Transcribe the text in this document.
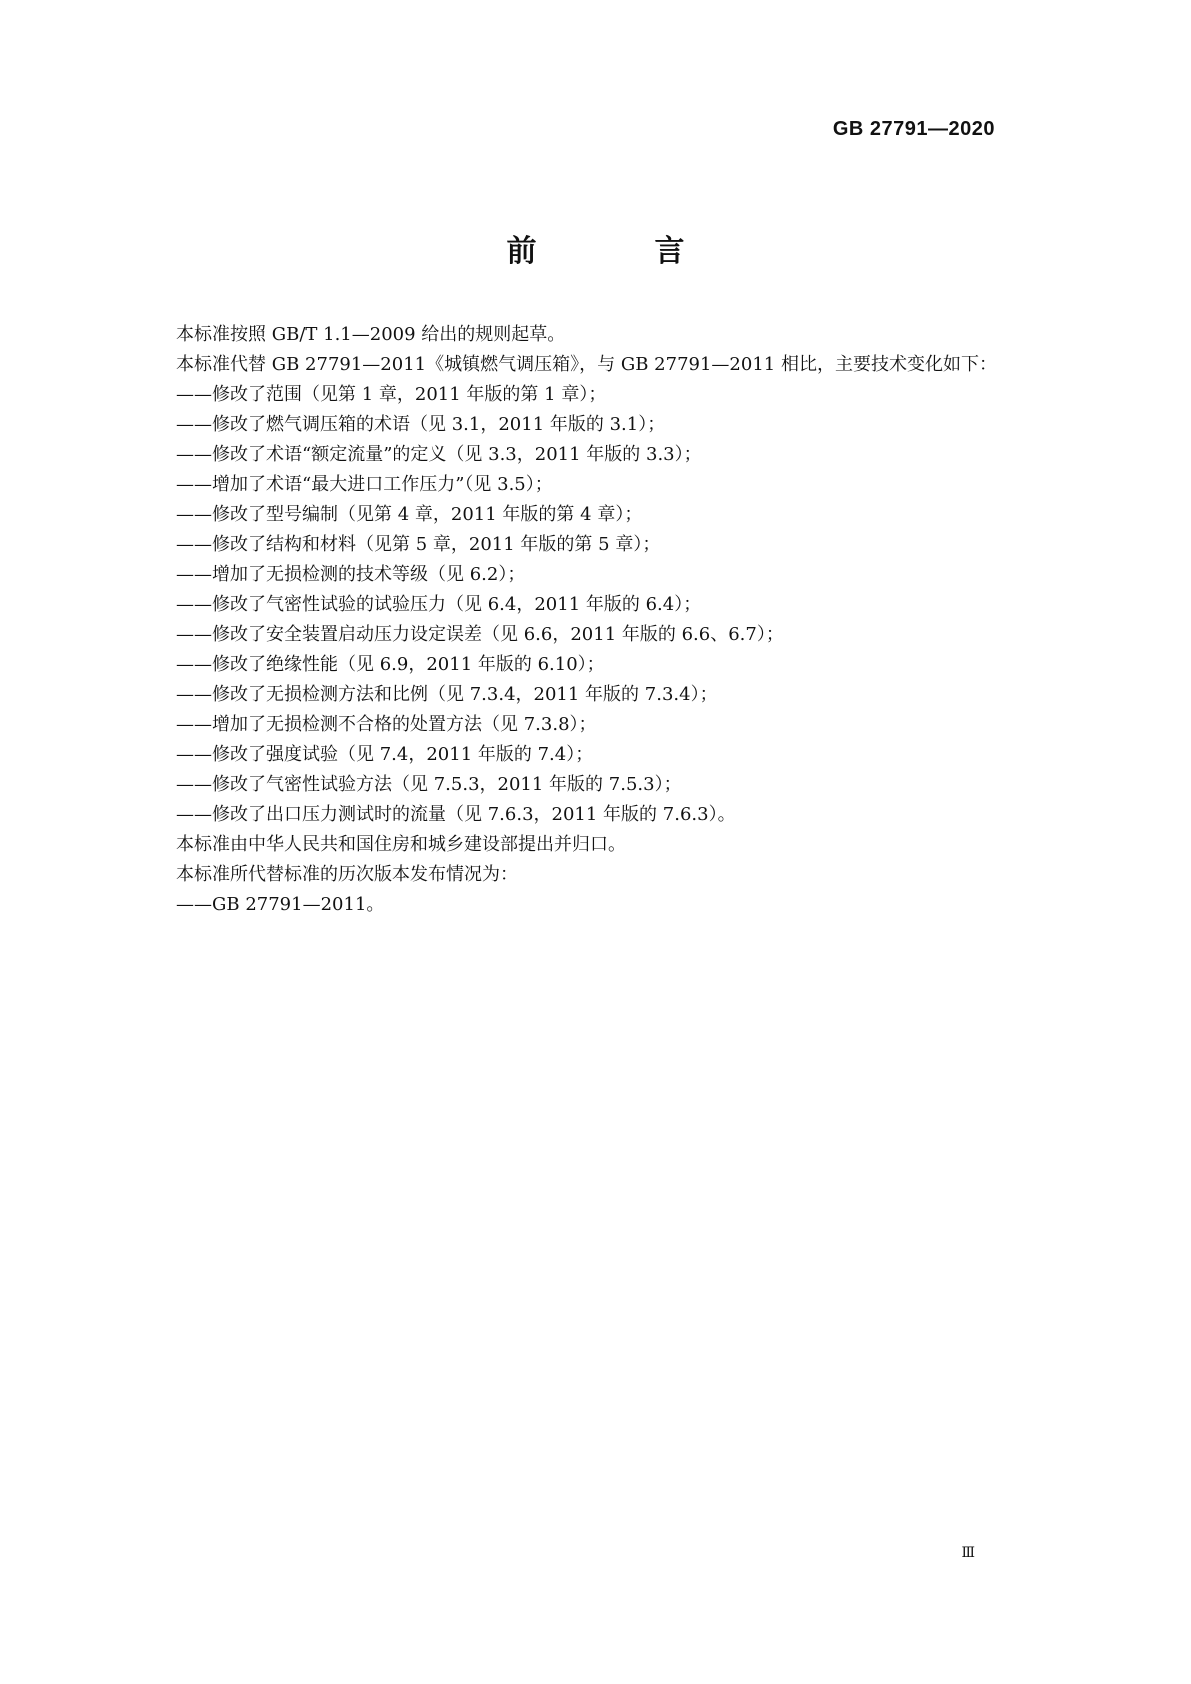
GB 27791—2020
前　言

本标准按照 GB/T 1.1—2009 给出的规则起草。

本标准代替 GB 27791—2011《城镇燃气调压箱》，与 GB 27791—2011 相比，主要技术变化如下：

——修改了范围（见第 1 章，2011 年版的第 1 章）；

——修改了燃气调压箱的术语（见 3.1，2011 年版的 3.1）；

——修改了术语“额定流量”的定义（见 3.3，2011 年版的 3.3）；

——增加了术语“最大进口工作压力”（见 3.5）；

——修改了型号编制（见第 4 章，2011 年版的第 4 章）；

——修改了结构和材料（见第 5 章，2011 年版的第 5 章）；

——增加了无损检测的技术等级（见 6.2）；

——修改了气密性试验的试验压力（见 6.4，2011 年版的 6.4）；

——修改了安全装置启动压力设定误差（见 6.6，2011 年版的 6.6、6.7）；

——修改了绝缘性能（见 6.9，2011 年版的 6.10）；

——修改了无损检测方法和比例（见 7.3.4，2011 年版的 7.3.4）；

——增加了无损检测不合格的处置方法（见 7.3.8）；

——修改了强度试验（见 7.4，2011 年版的 7.4）；

——修改了气密性试验方法（见 7.5.3，2011 年版的 7.5.3）；

——修改了出口压力测试时的流量（见 7.6.3，2011 年版的 7.6.3）。

本标准由中华人民共和国住房和城乡建设部提出并归口。

本标准所代替标准的历次版本发布情况为：

——GB 27791—2011。

Ⅲ
